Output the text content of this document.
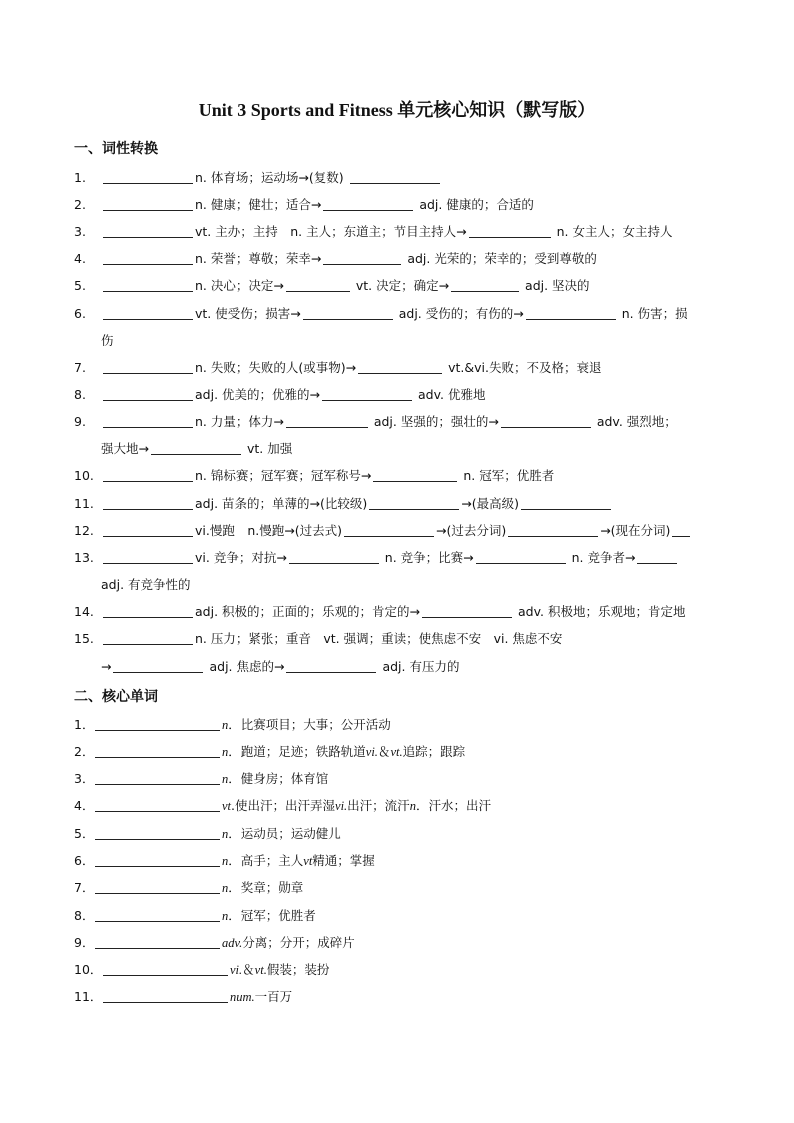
Unit 3 Sports and Fitness 单元核心知识（默写版）
一、词性转换
1.	n. 体育场；运动场→(复数)
2.	n. 健康；健壮；适合→	adj. 健康的；合适的
3.	vt. 主办；主持　n. 主人；东道主；节目主持人→	n. 女主人；女主持人
4.	n. 荣誉；尊敬；荣幸→	adj. 光荣的；荣幸的；受到尊敬的
5.	n. 决心；决定→	vt. 决定；确定→	adj. 坚决的
6.	vt. 使受伤；损害→	adj. 受伤的；有伤的→	n. 伤害；损
伤
7.	n. 失败；失败的人(或事物)→	vt.&vi.失败；不及格；衰退
8.	adj. 优美的；优雅的→	adv. 优雅地
9.	n. 力量；体力→	adj. 坚强的；强壮的→	adv. 强烈地；
强大地→	vt. 加强
10.	n. 锦标赛；冠军赛；冠军称号→	n. 冠军；优胜者
11.	adj. 苗条的；单薄的→(比较级)	→(最高级)
12.	vi.慢跑　n.慢跑→(过去式)	→(过去分词)	→(现在分词)
13.	vi. 竞争；对抗→	n. 竞争；比赛→	n. 竞争者→
adj. 有竞争性的
14.	adj. 积极的；正面的；乐观的；肯定的→	adv. 积极地；乐观地；肯定地
15.	n. 压力；紧张；重音　vt. 强调；重读；使焦虑不安　vi. 焦虑不安
→	adj. 焦虑的→	adj. 有压力的
二、核心单词
1．	n．比赛项目；大事；公开活动
2．	n．跑道；足迹；铁路轨道vi.＆vt.追踪；跟踪
3．	n．健身房；体育馆
4．	vt.使出汗；出汗弄湿vi.出汗；流汗n．汗水；出汗
5．	n．运动员；运动健儿
6．	n．高手；主人vt精通；掌握
7．	n．奖章；勋章
8．	n．冠军；优胜者
9．	adv.分离；分开；成碎片
10．	vi.＆vt.假装；装扮
11．	num.一百万
